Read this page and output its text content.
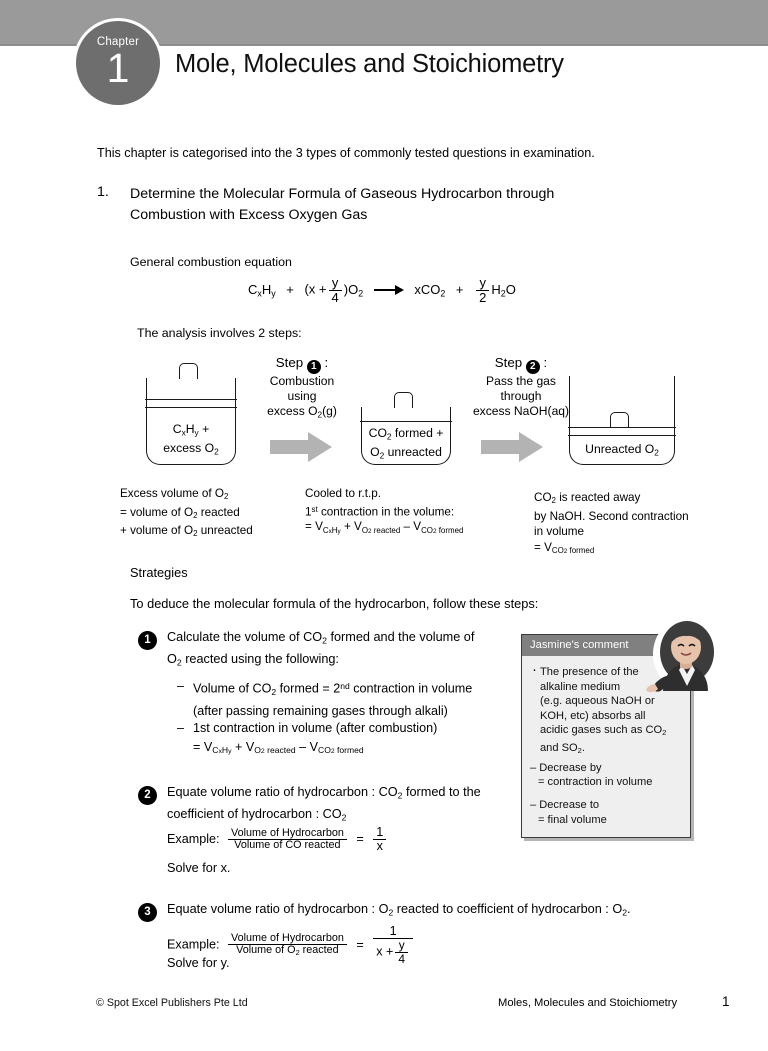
Chapter
1	Mole, Molecules and Stoichiometry
This chapter is categorised into the 3 types of commonly tested questions in examination.
1. Determine the Molecular Formula of Gaseous Hydrocarbon through
Combustion with Excess Oxygen Gas
General combustion equation
$C_xH_y + (x + \frac{y}{4} )O_2$	$xCO_2 + \frac{y}{2} H_2O$
The analysis involves 2 steps:
$C_xH_y$ +
excess $O_2$
Step 1 :
Combustion
using
excess $O_2(g)$
$CO_2$ formed +
$O_2$ unreacted
Step 2 :
Pass the gas
through
excess NaOH(aq)
Unreacted $O_2$
Excess volume of $O_2$
= volume of $O_2$ reacted
+ volume of $O_2$ unreacted
Cooled to r.t.p.
1st contraction in the volume:
= $V_{CxHy} + V_{O2 reacted} - V_{CO2 formed}$
$CO_2$ is reacted away
by NaOH. Second contraction
in volume
= $V_{CO2 formed}$
Strategies
To deduce the molecular formula of the hydrocarbon, follow these steps:
1	Calculate the volume of $CO_2$ formed and the volume of
$O_2$ reacted using the following:
– Volume of $CO_2$ formed = 2nd contraction in volume
(after passing remaining gases through alkali)
– 1st contraction in volume (after combustion)
= $V_{CxHy} + V_{O2 reacted} - V_{CO2 formed}$
2	Equate volume ratio of hydrocarbon : $CO_2$ formed to the
coefficient of hydrocarbon : $CO_2$
Example: $\frac{\text{Volume of Hydrocarbon}}{\text{Volume of CO reacted}} = \frac{1}{x}$
Solve for x.
3	Equate volume ratio of hydrocarbon : $O_2$ reacted to coefficient of hydrocarbon : $O_2$.
Example: $\frac{\text{Volume of Hydrocarbon}}{Volume of O_2 reacted} = \frac{1}{x + \frac{y}{4}}$
Solve for y.
Jasmine's comment
· The presence of the
alkaline medium
(e.g. aqueous NaOH or
KOH, etc) absorbs all
acidic gases such as $CO_2$
and $SO_2$.
– Decrease by
= contraction in volume
– Decrease to
= final volume
© Spot Excel Publishers Pte Ltd	Moles, Molecules and Stoichiometry	1
